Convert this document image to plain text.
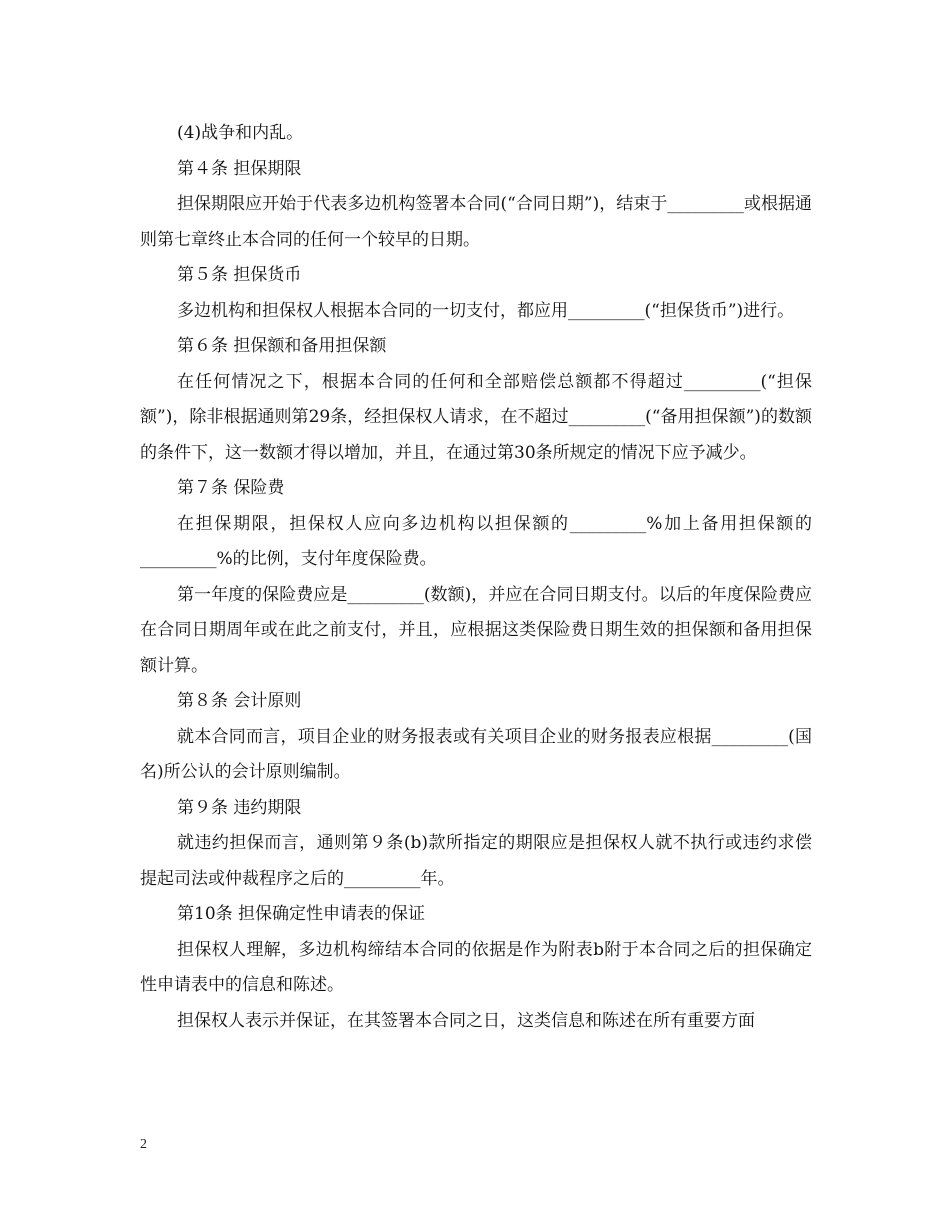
(4)战争和内乱。

第４条 担保期限

担保期限应开始于代表多边机构签署本合同(“合同日期”)，结束于_________或根据通则第七章终止本合同的任何一个较早的日期。

第５条 担保货币

多边机构和担保权人根据本合同的一切支付，都应用_________(“担保货币”)进行。

第６条 担保额和备用担保额

在任何情况之下，根据本合同的任何和全部赔偿总额都不得超过_________(“担保额”)，除非根据通则第29条，经担保权人请求，在不超过_________(“备用担保额”)的数额的条件下，这一数额才得以增加，并且，在通过第30条所规定的情况下应予减少。

第７条 保险费

在担保期限，担保权人应向多边机构以担保额的_________%加上备用担保额的_________%的比例，支付年度保险费。

第一年度的保险费应是_________(数额)，并应在合同日期支付。以后的年度保险费应在合同日期周年或在此之前支付，并且，应根据这类保险费日期生效的担保额和备用担保额计算。

第８条 会计原则

就本合同而言，项目企业的财务报表或有关项目企业的财务报表应根据_________(国名)所公认的会计原则编制。

第９条 违约期限

就违约担保而言，通则第９条(b)款所指定的期限应是担保权人就不执行或违约求偿提起司法或仲裁程序之后的_________年。

第10条 担保确定性申请表的保证

担保权人理解，多边机构缔结本合同的依据是作为附表b附于本合同之后的担保确定性申请表中的信息和陈述。

担保权人表示并保证，在其签署本合同之日，这类信息和陈述在所有重要方面

2
